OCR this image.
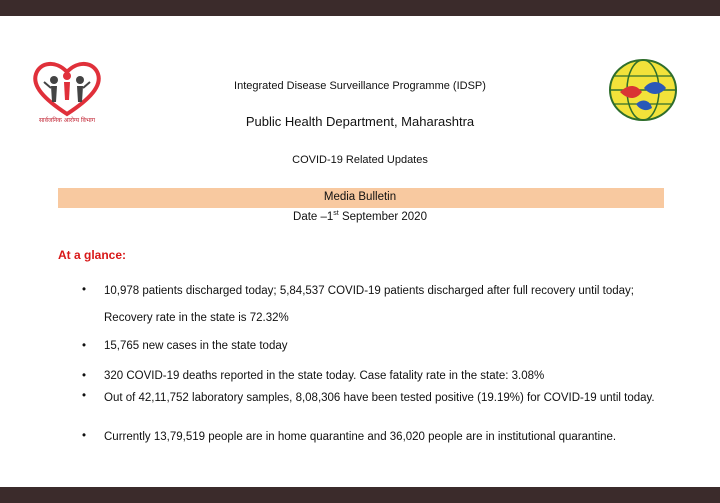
सार्वजनिक आरोग्य विभाग
Integrated Disease Surveillance Programme (IDSP)
Public Health Department, Maharashtra
COVID-19 Related Updates
Media Bulletin
Date –1st September 2020
At a glance:
• 10,978 patients discharged today; 5,84,537 COVID-19 patients discharged after full recovery until today; Recovery rate in the state is 72.32%
• 15,765 new cases in the state today
• 320 COVID-19 deaths reported in the state today. Case fatality rate in the state: 3.08%
• Out of 42,11,752 laboratory samples, 8,08,306 have been tested positive (19.19%) for COVID-19 until today.
• Currently 13,79,519 people are in home quarantine and 36,020 people are in institutional quarantine.
